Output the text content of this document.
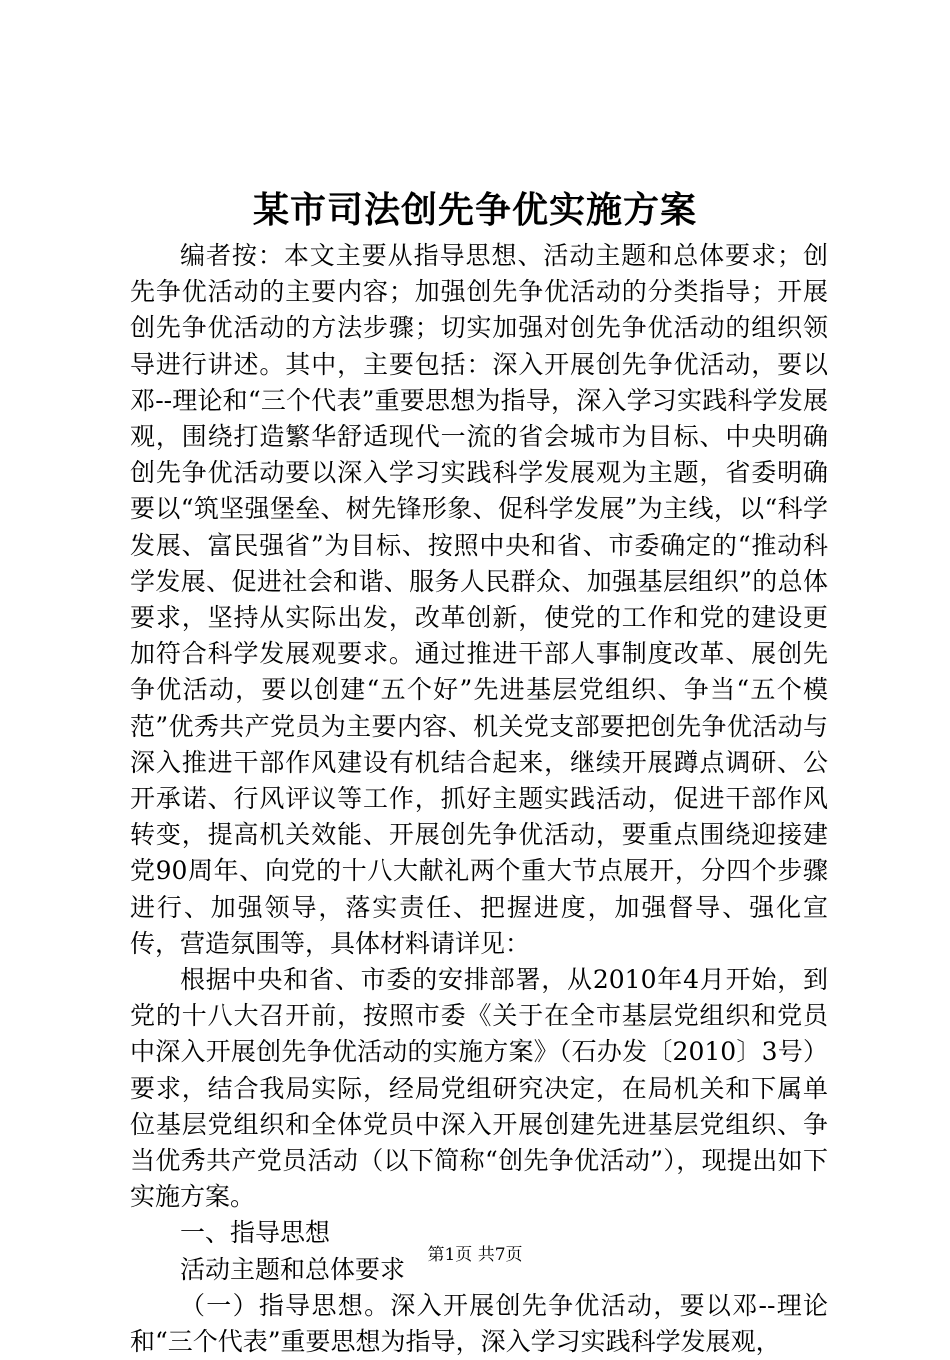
某市司法创先争优实施方案

编者按：本文主要从指导思想、活动主题和总体要求；创先争优活动的主要内容；加强创先争优活动的分类指导；开展创先争优活动的方法步骤；切实加强对创先争优活动的组织领导进行讲述。其中，主要包括：深入开展创先争优活动，要以邓--理论和“三个代表”重要思想为指导，深入学习实践科学发展观，围绕打造繁华舒适现代一流的省会城市为目标、中央明确创先争优活动要以深入学习实践科学发展观为主题，省委明确要以“筑坚强堡垒、树先锋形象、促科学发展”为主线，以“科学发展、富民强省”为目标、按照中央和省、市委确定的“推动科学发展、促进社会和谐、服务人民群众、加强基层组织”的总体要求，坚持从实际出发，改革创新，使党的工作和党的建设更加符合科学发展观要求。通过推进干部人事制度改革、展创先争优活动，要以创建“五个好”先进基层党组织、争当“五个模范”优秀共产党员为主要内容、机关党支部要把创先争优活动与深入推进干部作风建设有机结合起来，继续开展蹲点调研、公开承诺、行风评议等工作，抓好主题实践活动，促进干部作风转变，提高机关效能、开展创先争优活动，要重点围绕迎接建党90周年、向党的十八大献礼两个重大节点展开，分四个步骤进行、加强领导，落实责任、把握进度，加强督导、强化宣传，营造氛围等，具体材料请详见：

根据中央和省、市委的安排部署，从2010年4月开始，到党的十八大召开前，按照市委《关于在全市基层党组织和党员中深入开展创先争优活动的实施方案》（石办发〔2010〕3号）要求，结合我局实际，经局党组研究决定，在局机关和下属单位基层党组织和全体党员中深入开展创建先进基层党组织、争当优秀共产党员活动（以下简称“创先争优活动”），现提出如下实施方案。

一、指导思想

活动主题和总体要求

（一）指导思想。深入开展创先争优活动，要以邓--理论和“三个代表”重要思想为指导，深入学习实践科学发展观，

第1页 共7页
